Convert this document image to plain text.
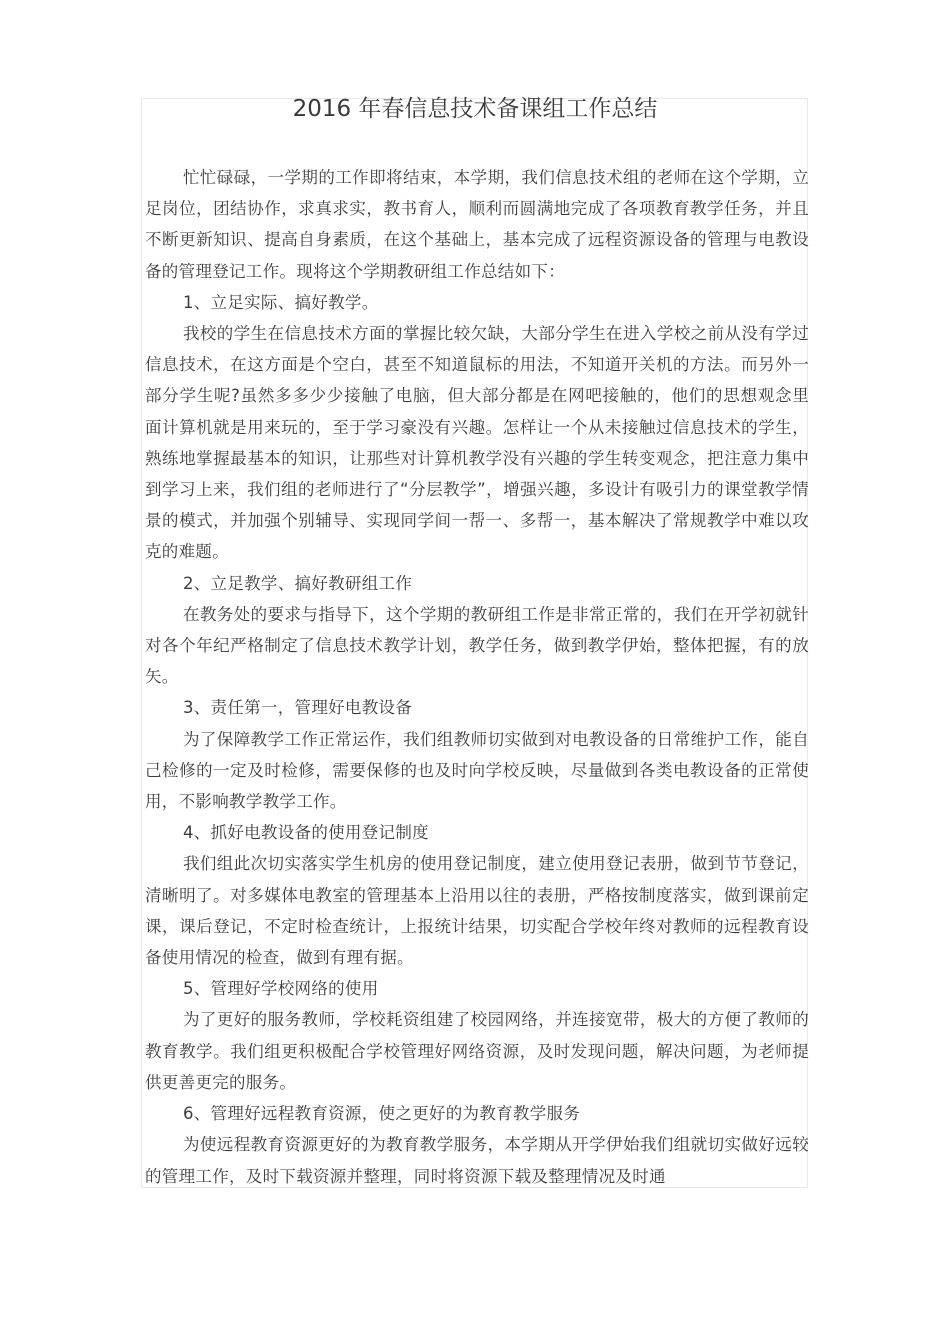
2016 年春信息技术备课组工作总结

忙忙碌碌，一学期的工作即将结束，本学期，我们信息技术组的老师在这个学期，立足岗位，团结协作，求真求实，教书育人，顺利而圆满地完成了各项教育教学任务，并且不断更新知识、提高自身素质，在这个基础上，基本完成了远程资源设备的管理与电教设备的管理登记工作。现将这个学期教研组工作总结如下：

1、立足实际、搞好教学。

我校的学生在信息技术方面的掌握比较欠缺，大部分学生在进入学校之前从没有学过信息技术，在这方面是个空白，甚至不知道鼠标的用法，不知道开关机的方法。而另外一部分学生呢?虽然多多少少接触了电脑，但大部分都是在网吧接触的，他们的思想观念里面计算机就是用来玩的，至于学习豪没有兴趣。怎样让一个从未接触过信息技术的学生，熟练地掌握最基本的知识，让那些对计算机教学没有兴趣的学生转变观念，把注意力集中到学习上来，我们组的老师进行了“分层教学”，增强兴趣，多设计有吸引力的课堂教学情景的模式，并加强个别辅导、实现同学间一帮一、多帮一，基本解决了常规教学中难以攻克的难题。

2、立足教学、搞好教研组工作

在教务处的要求与指导下，这个学期的教研组工作是非常正常的，我们在开学初就针对各个年纪严格制定了信息技术教学计划，教学任务，做到教学伊始，整体把握，有的放矢。

3、责任第一，管理好电教设备

为了保障教学工作正常运作，我们组教师切实做到对电教设备的日常维护工作，能自己检修的一定及时检修，需要保修的也及时向学校反映，尽量做到各类电教设备的正常使用，不影响教学教学工作。

4、抓好电教设备的使用登记制度

我们组此次切实落实学生机房的使用登记制度，建立使用登记表册，做到节节登记，清晰明了。对多媒体电教室的管理基本上沿用以往的表册，严格按制度落实，做到课前定课，课后登记，不定时检查统计，上报统计结果，切实配合学校年终对教师的远程教育设备使用情况的检查，做到有理有据。

5、管理好学校网络的使用

为了更好的服务教师，学校耗资组建了校园网络，并连接宽带，极大的方便了教师的教育教学。我们组更积极配合学校管理好网络资源，及时发现问题，解决问题，为老师提供更善更完的服务。

6、管理好远程教育资源，使之更好的为教育教学服务

为使远程教育资源更好的为教育教学服务，本学期从开学伊始我们组就切实做好远较的管理工作，及时下载资源并整理，同时将资源下载及整理情况及时通
